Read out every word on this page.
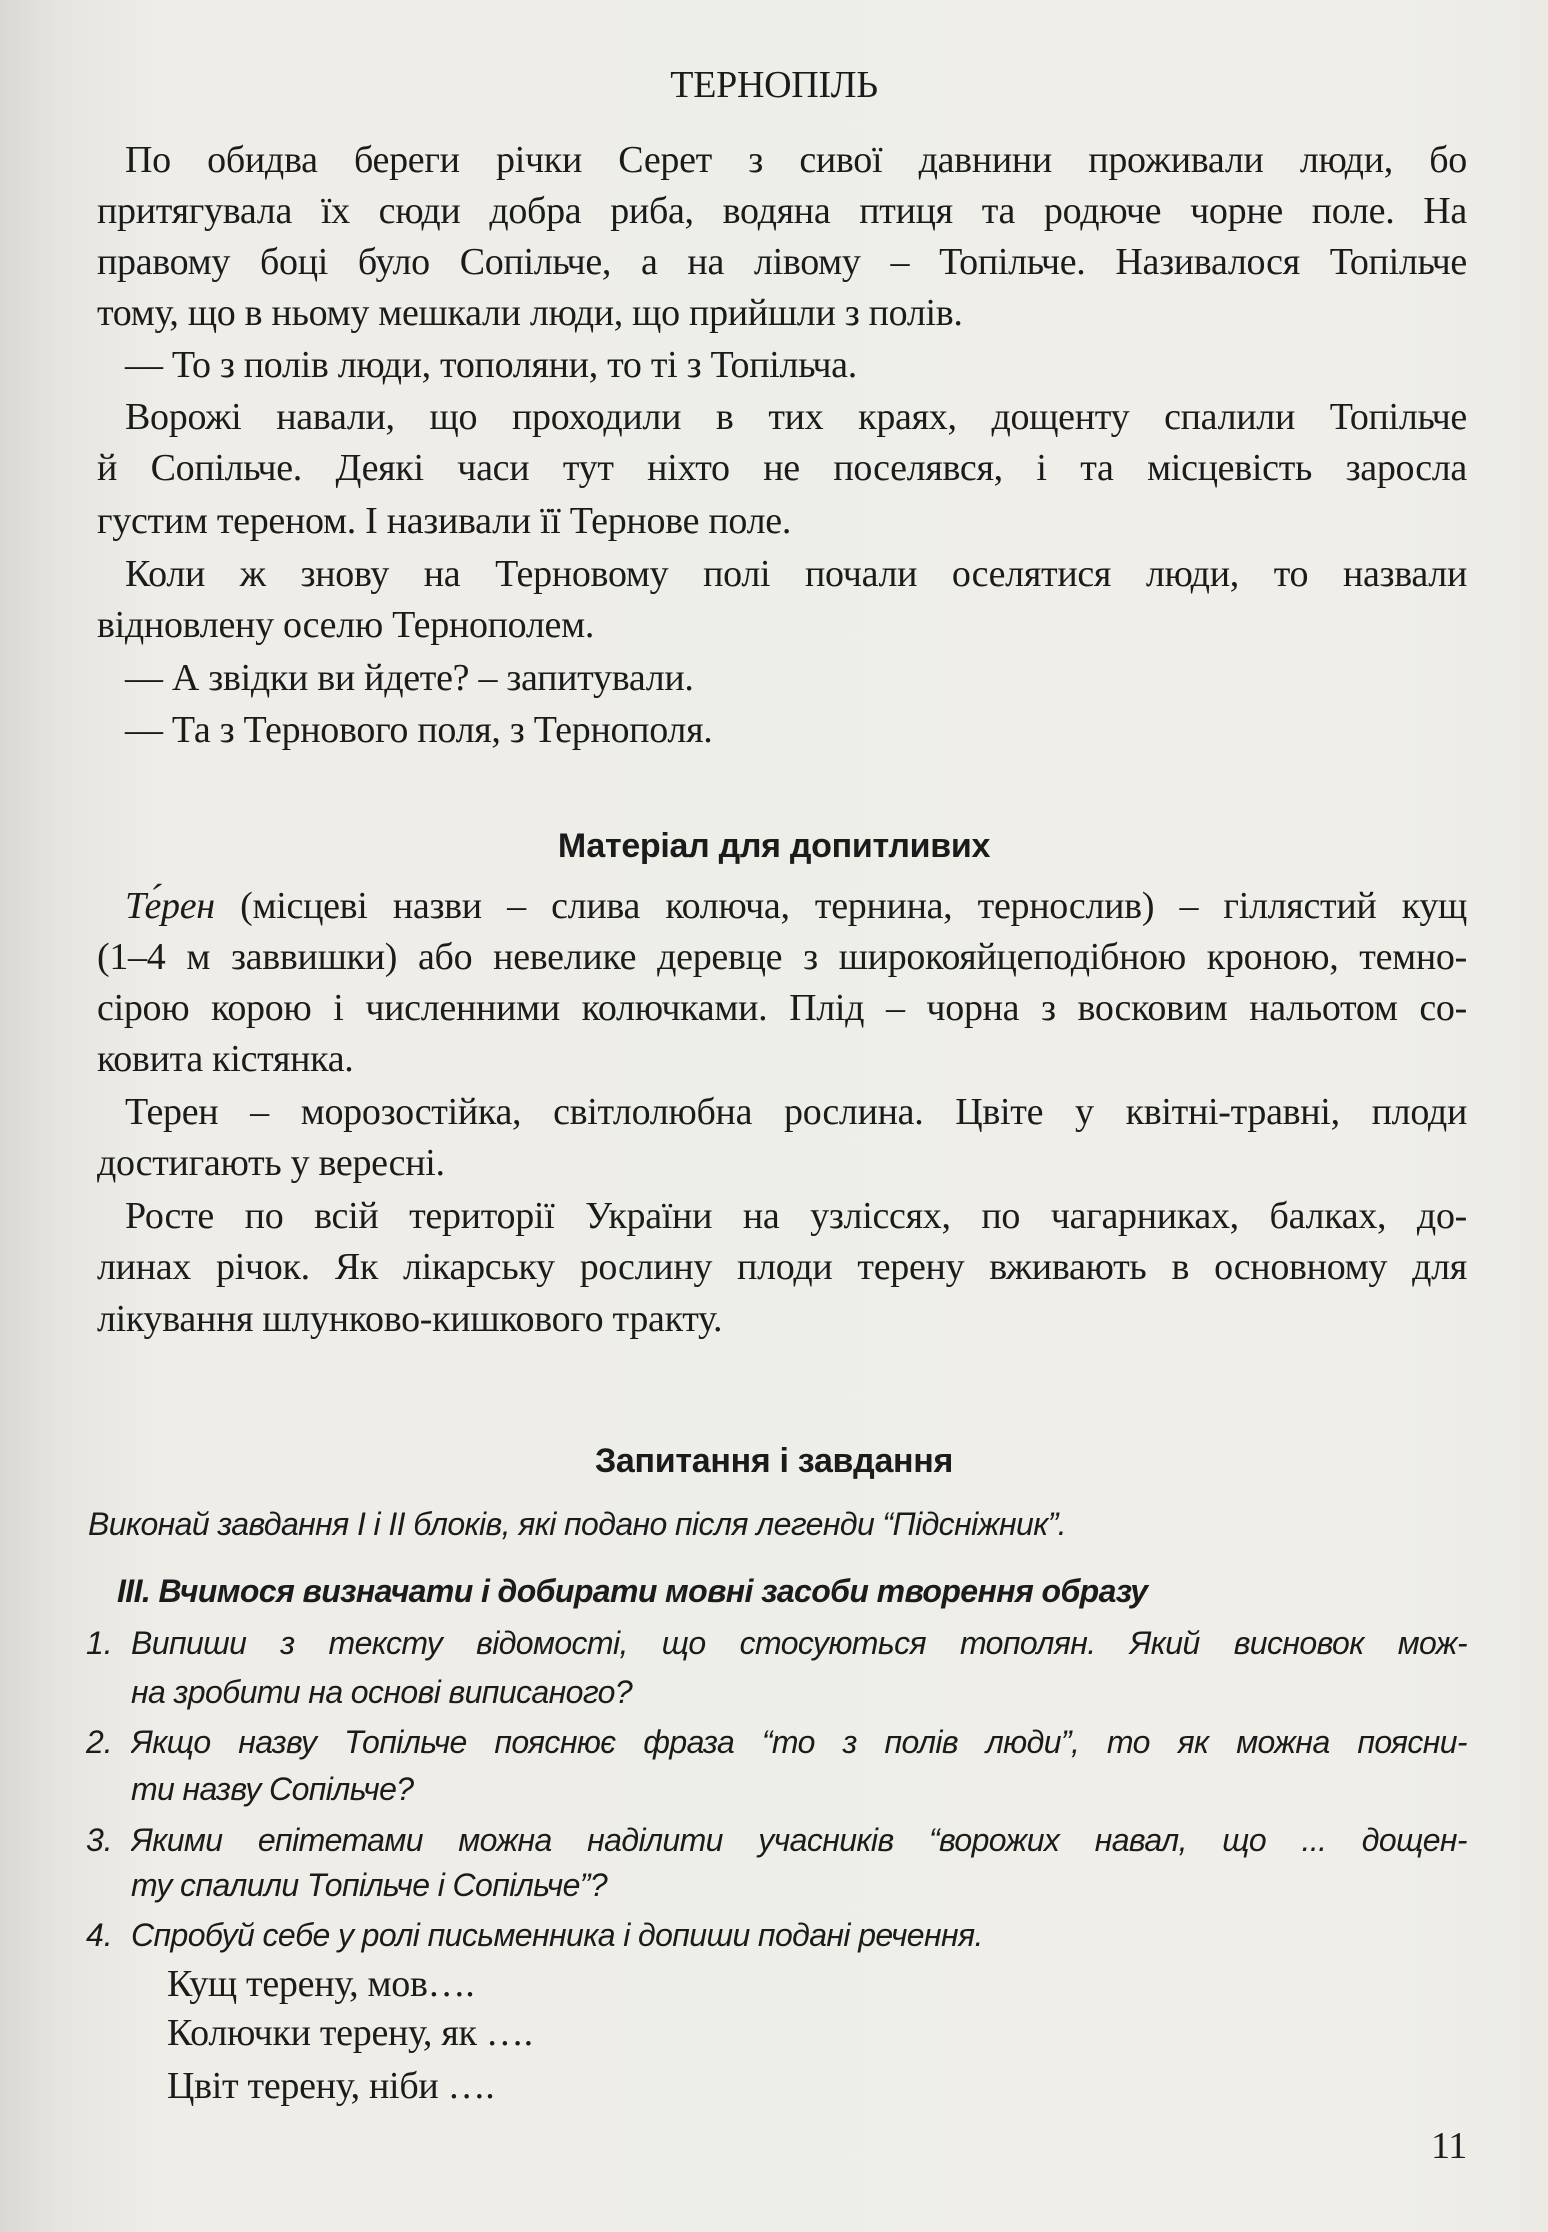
ТЕРНОПІЛЬ
По обидва береги річки Серет з сивої давнини проживали люди, бо
притягувала їх сюди добра риба, водяна птиця та родюче чорне поле. На
правому боці було Сопільче, а на лівому – Топільче. Називалося Топільче
тому, що в ньому мешкали люди, що прийшли з полів.
— То з полів люди, тополяни, то ті з Топільча.
Ворожі навали, що проходили в тих краях, дощенту спалили Топільче
й Сопільче. Деякі часи тут ніхто не поселявся, і та місцевість заросла
густим тереном. І називали її Тернове поле.
Коли ж знову на Терновому полі почали оселятися люди, то назвали
відновлену оселю Тернополем.
— А звідки ви йдете? – запитували.
— Та з Тернового поля, з Тернополя.
Матеріал для допитливих
Те́рен (місцеві назви – слива колюча, тернина, тернослив) – гіллястий кущ
(1–4 м заввишки) або невелике деревце з широкояйцеподібною кроною, темно-
сірою корою і численними колючками. Плід – чорна з восковим нальотом со-
ковита кістянка.
Терен – морозостійка, світлолюбна рослина. Цвіте у квітні-травні, плоди
достигають у вересні.
Росте по всій території України на узліссях, по чагарниках, балках, до-
линах річок. Як лікарську рослину плоди терену вживають в основному для
лікування шлунково-кишкового тракту.
Запитання і завдання
Виконай завдання I і II блоків, які подано після легенди “Підсніжник”.
III. Вчимося визначати і добирати мовні засоби творення образу
1. Випиши з тексту відомості, що стосуються тополян. Який висновок мож-
на зробити на основі виписаного?
2. Якщо назву Топільче пояснює фраза “то з полів люди”, то як можна поясни-
ти назву Сопільче?
3. Якими епітетами можна наділити учасників “ворожих навал, що ... дощен-
ту спалили Топільче і Сопільче”?
4. Спробуй себе у ролі письменника і допиши подані речення.
Кущ терену, мов….
Колючки терену, як ….
Цвіт терену, ніби ….
11
